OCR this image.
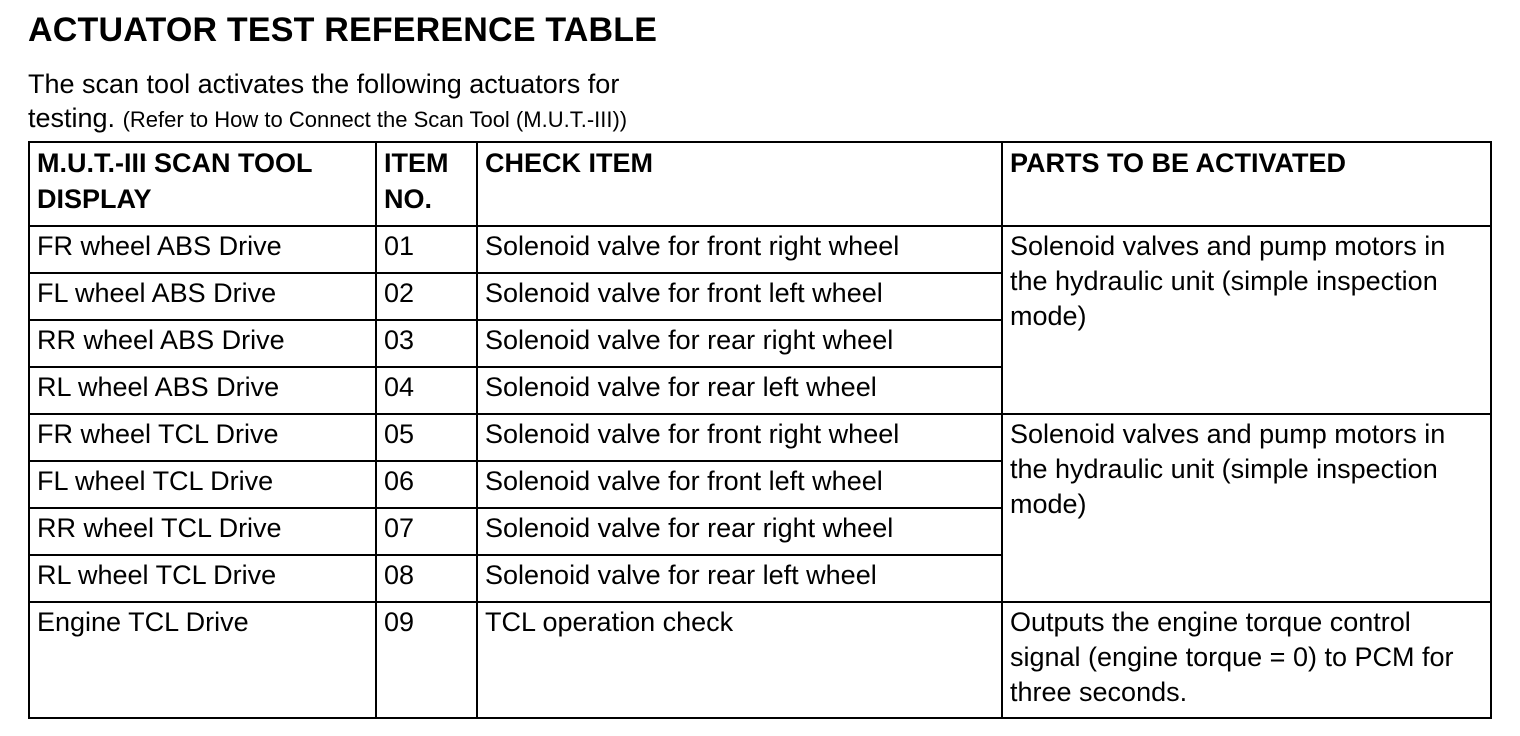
ACTUATOR TEST REFERENCE TABLE
The scan tool activates the following actuators for
testing. (Refer to How to Connect the Scan Tool (M.U.T.-III))
M.U.T.-III SCAN TOOL DISPLAY	ITEM NO.	CHECK ITEM	PARTS TO BE ACTIVATED
FR wheel ABS Drive	01	Solenoid valve for front right wheel	Solenoid valves and pump motors in the hydraulic unit (simple inspection mode)
FL wheel ABS Drive	02	Solenoid valve for front left wheel	
RR wheel ABS Drive	03	Solenoid valve for rear right wheel	
RL wheel ABS Drive	04	Solenoid valve for rear left wheel	
FR wheel TCL Drive	05	Solenoid valve for front right wheel	Solenoid valves and pump motors in the hydraulic unit (simple inspection mode)
FL wheel TCL Drive	06	Solenoid valve for front left wheel	
RR wheel TCL Drive	07	Solenoid valve for rear right wheel	
RL wheel TCL Drive	08	Solenoid valve for rear left wheel	
Engine TCL Drive	09	TCL operation check	Outputs the engine torque control signal (engine torque = 0) to PCM for three seconds.
